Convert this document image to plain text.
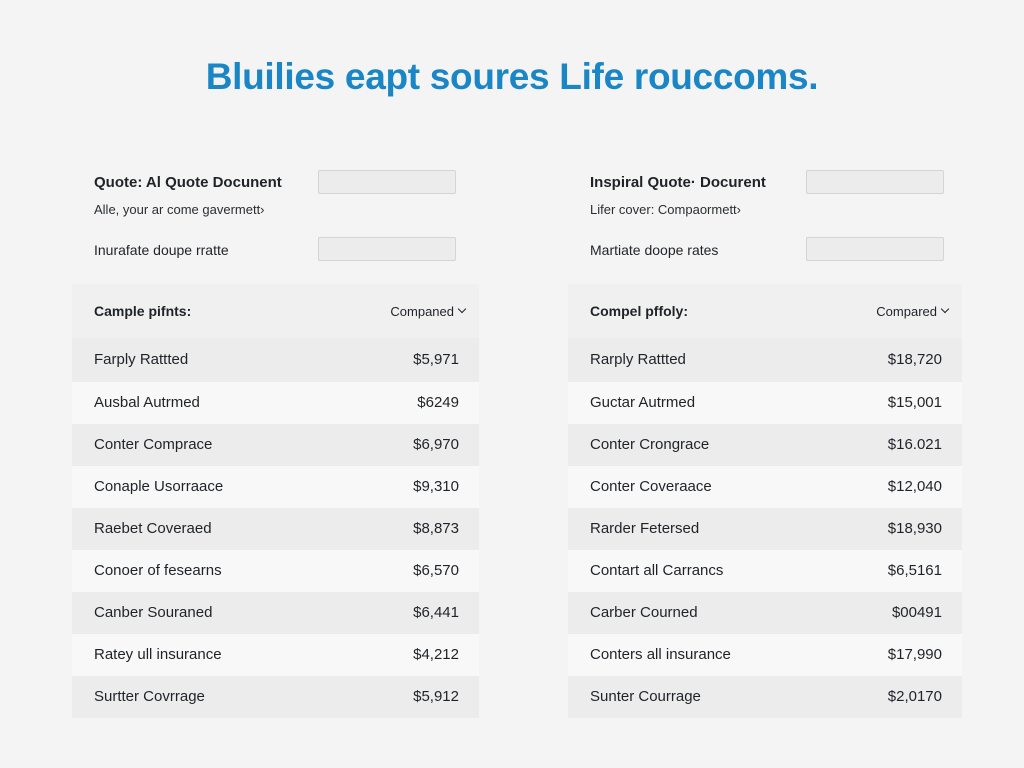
Bluilies eapt soures Life roucсoms.
Quote: Al Quote Docunent
Alle, your ar come gavermett›
Inurafate doupe rratte
Cample pifnts:	Companed
Farply Rattted	$5,971
Ausbal Autrmed	$6249
Conter Comprace	$6,970
Conaple Usorraace	$9,310
Raebet Coveraed	$8,873
Conoer of fesearns	$6,570
Canber Souraned	$6,441
Ratey ull insurance	$4,212
Surtter Covrrage	$5,912
Inspiral Quote· Docurent
Lifer cover: Compaormett›
Martiate doope rates
Compel pffoly:	Compared
Rarply Rattted	$18,720
Guctar Autrmed	$15,001
Conter Crongrace	$16.021
Conter Coveraace	$12,040
Rarder Fetersed	$18,930
Contart all Carrancs	$6,5161
Carber Courned	$00491
Conters all insurance	$17,990
Sunter Courrage	$2,0170
